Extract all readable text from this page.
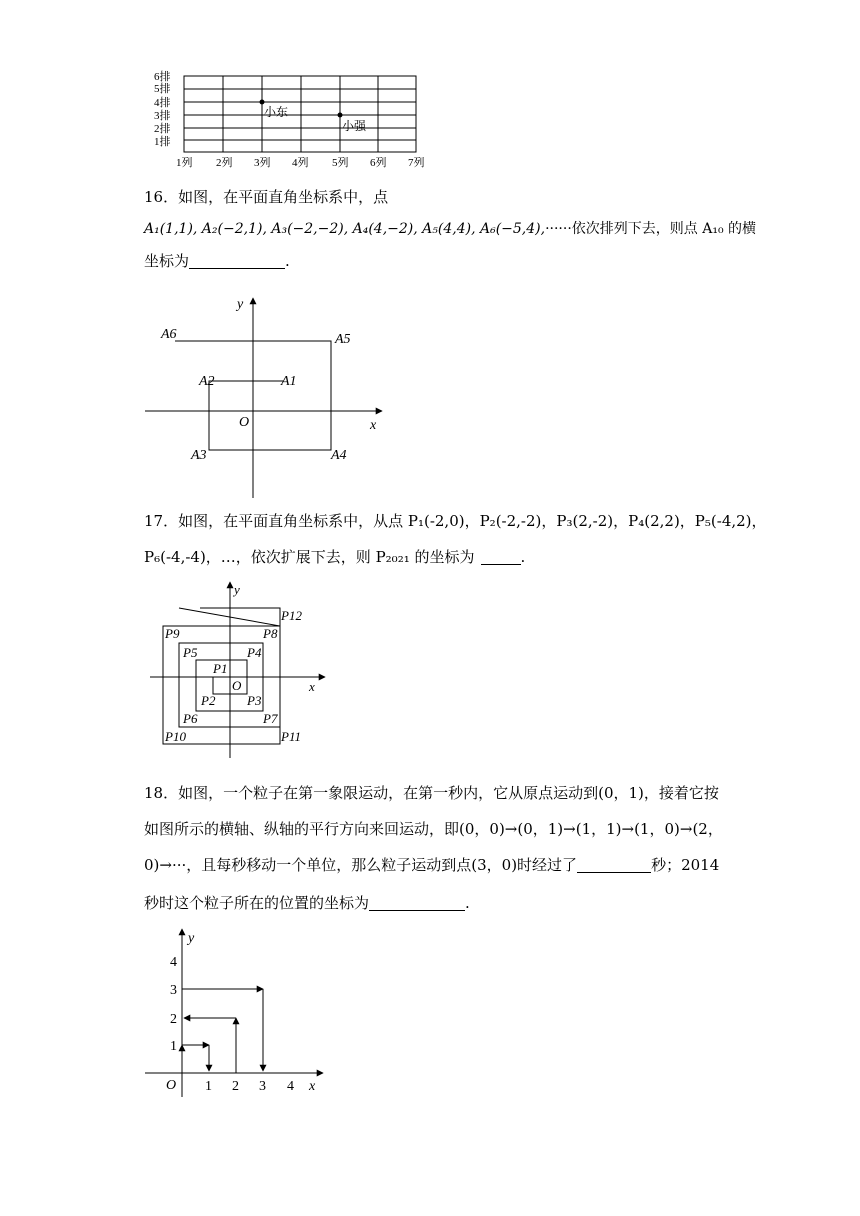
6排
5排
4排
3排
2排
1排
1列 2列 3列 4列 5列 6列 7列
小东
小强
16．如图，在平面直角坐标系中，点
A₁(1,1), A₂(−2,1), A₃(−2,−2), A₄(4,−2), A₅(4,4), A₆(−5,4),······依次排列下去，则点 A₁₀ 的横
坐标为	.
y
x
O
A1
A2
A3	A4
A5
A6
17．如图，在平面直角坐标系中，从点 P₁(-2,0)，P₂(-2,-2)，P₃(2,-2)，P₄(2,2)，P₅(-4,2)，
P₆(-4,-4)，…，依次扩展下去，则 P₂₀₂₁ 的坐标为	.
y
x
O
P1
P2 P3
P4
P5
P6	P7
P8
P9
P10	P11
P12
18．如图，一个粒子在第一象限运动，在第一秒内，它从原点运动到(0，1)，接着它按
如图所示的横轴、纵轴的平行方向来回运动，即(0，0)→(0，1)→(1，1)→(1，0)→(2，
0)→···，且每秒移动一个单位，那么粒子运动到点(3，0)时经过了	秒；2014
秒时这个粒子所在的位置的坐标为	.
y
x
O 1 2 3 4
1
2
3
4
